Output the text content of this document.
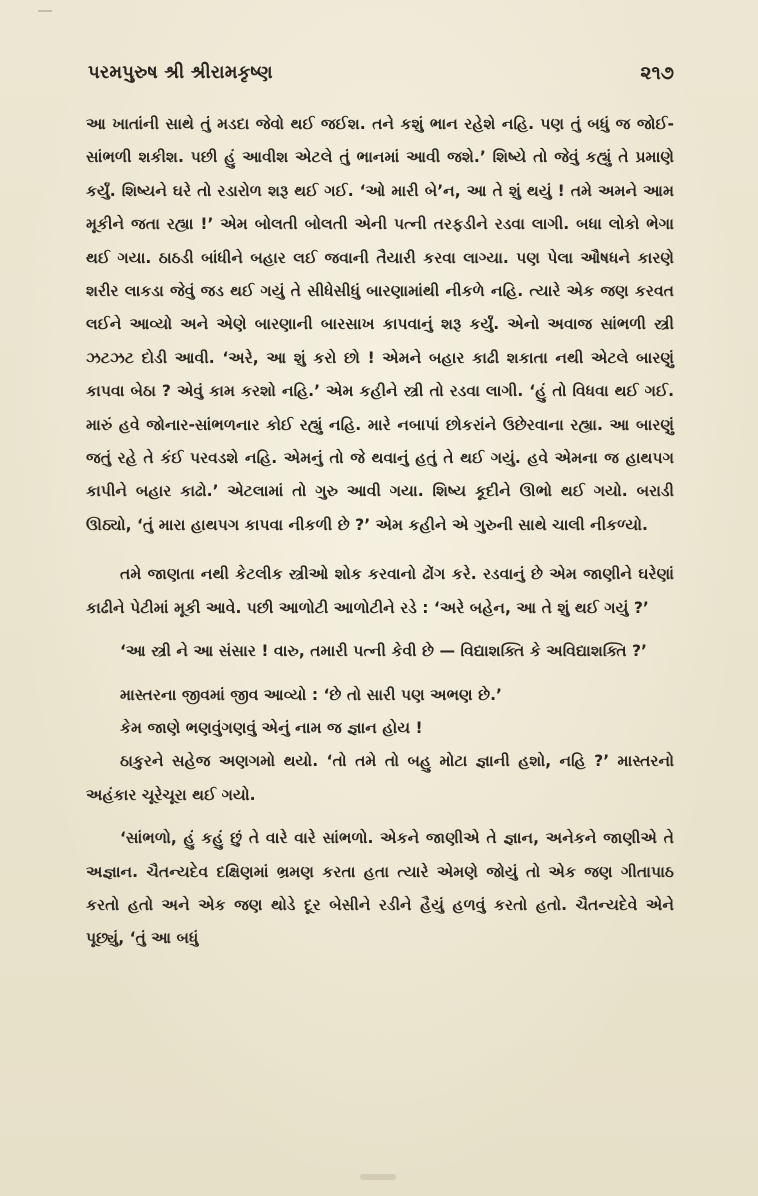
પરમપુરુષ શ્રી શ્રીરામકૃષ્ણ	૨૧૭

આ ખાતાંની સાથે તું મડદા જેવો થઈ જઈશ. તને કશું ભાન રહેશે નહિ. પણ તું બધું જ જોઈ-સાંભળી શકીશ. પછી હું આવીશ એટલે તું ભાનમાં આવી જશે.’ શિષ્યે તો જેવું કહ્યું તે પ્રમાણે કર્યું. શિષ્યને ઘરે તો રડારોળ શરૂ થઈ ગઈ. ‘ઓ મારી બે’ન, આ તે શું થયું ! તમે અમને આમ મૂકીને જતા રહ્યા !’ એમ બોલતી બોલતી એની પત્ની તરફડીને રડવા લાગી. બધા લોકો ભેગા થઈ ગયા. ઠાઠડી બાંધીને બહાર લઈ જવાની તૈયારી કરવા લાગ્યા. પણ પેલા ઔષધને કારણે શરીર લાકડા જેવું જડ થઈ ગયું તે સીધેસીધું બારણામાંથી નીકળે નહિ. ત્યારે એક જણ કરવત લઈને આવ્યો અને એણે બારણાની બારસાખ કાપવાનું શરૂ કર્યું. એનો અવાજ સાંભળી સ્ત્રી ઝટઝટ દોડી આવી. ‘અરે, આ શું કરો છો ! એમને બહાર કાઢી શકાતા નથી એટલે બારણું કાપવા બેઠા ? એવું કામ કરશો નહિ.’ એમ કહીને સ્ત્રી તો રડવા લાગી. ‘હું તો વિધવા થઈ ગઈ. મારું હવે જોનાર-સાંભળનાર કોઈ રહ્યું નહિ. મારે નબાપાં છોકરાંને ઉછેરવાના રહ્યા. આ બારણું જતું રહે તે કંઈ પરવડશે નહિ. એમનું તો જે થવાનું હતું તે થઈ ગયું. હવે એમના જ હાથપગ કાપીને બહાર કાઢો.’ એટલામાં તો ગુરુ આવી ગયા. શિષ્ય કૂદીને ઊભો થઈ ગયો. બરાડી ઊઠ્યો, ‘તું મારા હાથપગ કાપવા નીકળી છે ?’ એમ કહીને એ ગુરુની સાથે ચાલી નીકળ્યો.

તમે જાણતા નથી કેટલીક સ્ત્રીઓ શોક કરવાનો ઢોંગ કરે. રડવાનું છે એમ જાણીને ઘરેણાં કાઢીને પેટીમાં મૂકી આવે. પછી આળોટી આળોટીને રડે : ‘અરે બહેન, આ તે શું થઈ ગયું ?’

‘આ સ્ત્રી ને આ સંસાર ! વારુ, તમારી પત્ની કેવી છે — વિદ્યાશક્તિ કે અવિદ્યાશક્તિ ?’

માસ્તરના જીવમાં જીવ આવ્યો : ‘છે તો સારી પણ અભણ છે.’

કેમ જાણે ભણવુંગણવું એનું નામ જ જ્ઞાન હોય !

ઠાકુરને સહેજ અણગમો થયો. ‘તો તમે તો બહુ મોટા જ્ઞાની હશો, નહિ ?’ માસ્તરનો અહંકાર ચૂરેચૂરા થઈ ગયો.

‘સાંભળો, હું કહું છું તે વારે વારે સાંભળો. એકને જાણીએ તે જ્ઞાન, અનેકને જાણીએ તે અજ્ઞાન. ચૈતન્યદેવ દક્ષિણમાં ભ્રમણ કરતા હતા ત્યારે એમણે જોયું તો એક જણ ગીતાપાઠ કરતો હતો અને એક જણ થોડે દૂર બેસીને રડીને હૈયું હળવું કરતો હતો. ચૈતન્યદેવે એને પૂછ્યું, ‘તું આ બધું
